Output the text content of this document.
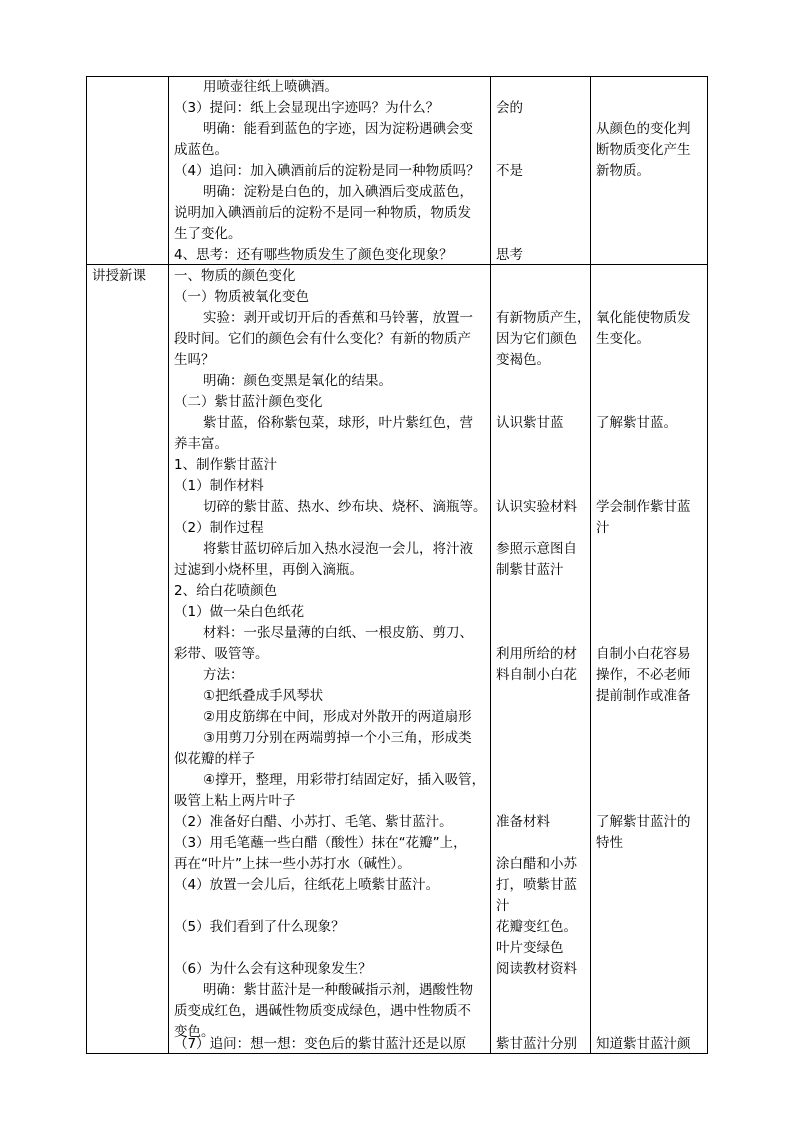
用喷壶往纸上喷碘酒。
（3）提问：纸上会显现出字迹吗？为什么？
明确：能看到蓝色的字迹，因为淀粉遇碘会变
成蓝色。
（4）追问：加入碘酒前后的淀粉是同一种物质吗？
明确：淀粉是白色的，加入碘酒后变成蓝色，
说明加入碘酒前后的淀粉不是同一种物质，物质发
生了变化。
4、思考：还有哪些物质发生了颜色变化现象？
会的
不是
思考
从颜色的变化判
断物质变化产生
新物质。
讲授新课 一、物质的颜色变化
（一）物质被氧化变色
实验：剥开或切开后的香蕉和马铃薯，放置一
段时间。它们的颜色会有什么变化？有新的物质产
生吗？
明确：颜色变黑是氧化的结果。
（二）紫甘蓝汁颜色变化
紫甘蓝，俗称紫包菜，球形，叶片紫红色，营
养丰富。
1、制作紫甘蓝汁
（1）制作材料
切碎的紫甘蓝、热水、纱布块、烧杯、滴瓶等。
（2）制作过程
将紫甘蓝切碎后加入热水浸泡一会儿，将汁液
过滤到小烧杯里，再倒入滴瓶。
2、给白花喷颜色
（1）做一朵白色纸花
材料：一张尽量薄的白纸、一根皮筋、剪刀、
彩带、吸管等。
方法：
①把纸叠成手风琴状
②用皮筋绑在中间，形成对外散开的两道扇形
③用剪刀分别在两端剪掉一个小三角，形成类
似花瓣的样子
④撑开，整理，用彩带打结固定好，插入吸管，
吸管上粘上两片叶子
（2）准备好白醋、小苏打、毛笔、紫甘蓝汁。
（3）用毛笔蘸一些白醋（酸性）抹在“花瓣”上，
再在“叶片”上抹一些小苏打水（碱性）。
（4）放置一会儿后，往纸花上喷紫甘蓝汁。
（5）我们看到了什么现象？
（6）为什么会有这种现象发生？
明确：紫甘蓝汁是一种酸碱指示剂，遇酸性物
质变成红色，遇碱性物质变成绿色，遇中性物质不
变色。
（7）追问：想一想：变色后的紫甘蓝汁还是以原
有新物质产生，
因为它们颜色
变褐色。
认识紫甘蓝
认识实验材料
参照示意图自
制紫甘蓝汁
利用所给的材
料自制小白花
准备材料
涂白醋和小苏
打，喷紫甘蓝
汁
花瓣变红色。
叶片变绿色
阅读教材资料
紫甘蓝汁分别
氧化能使物质发
生变化。
了解紫甘蓝。
学会制作紫甘蓝
汁
自制小白花容易
操作，不必老师
提前制作或准备
了解紫甘蓝汁的
特性
知道紫甘蓝汁颜
